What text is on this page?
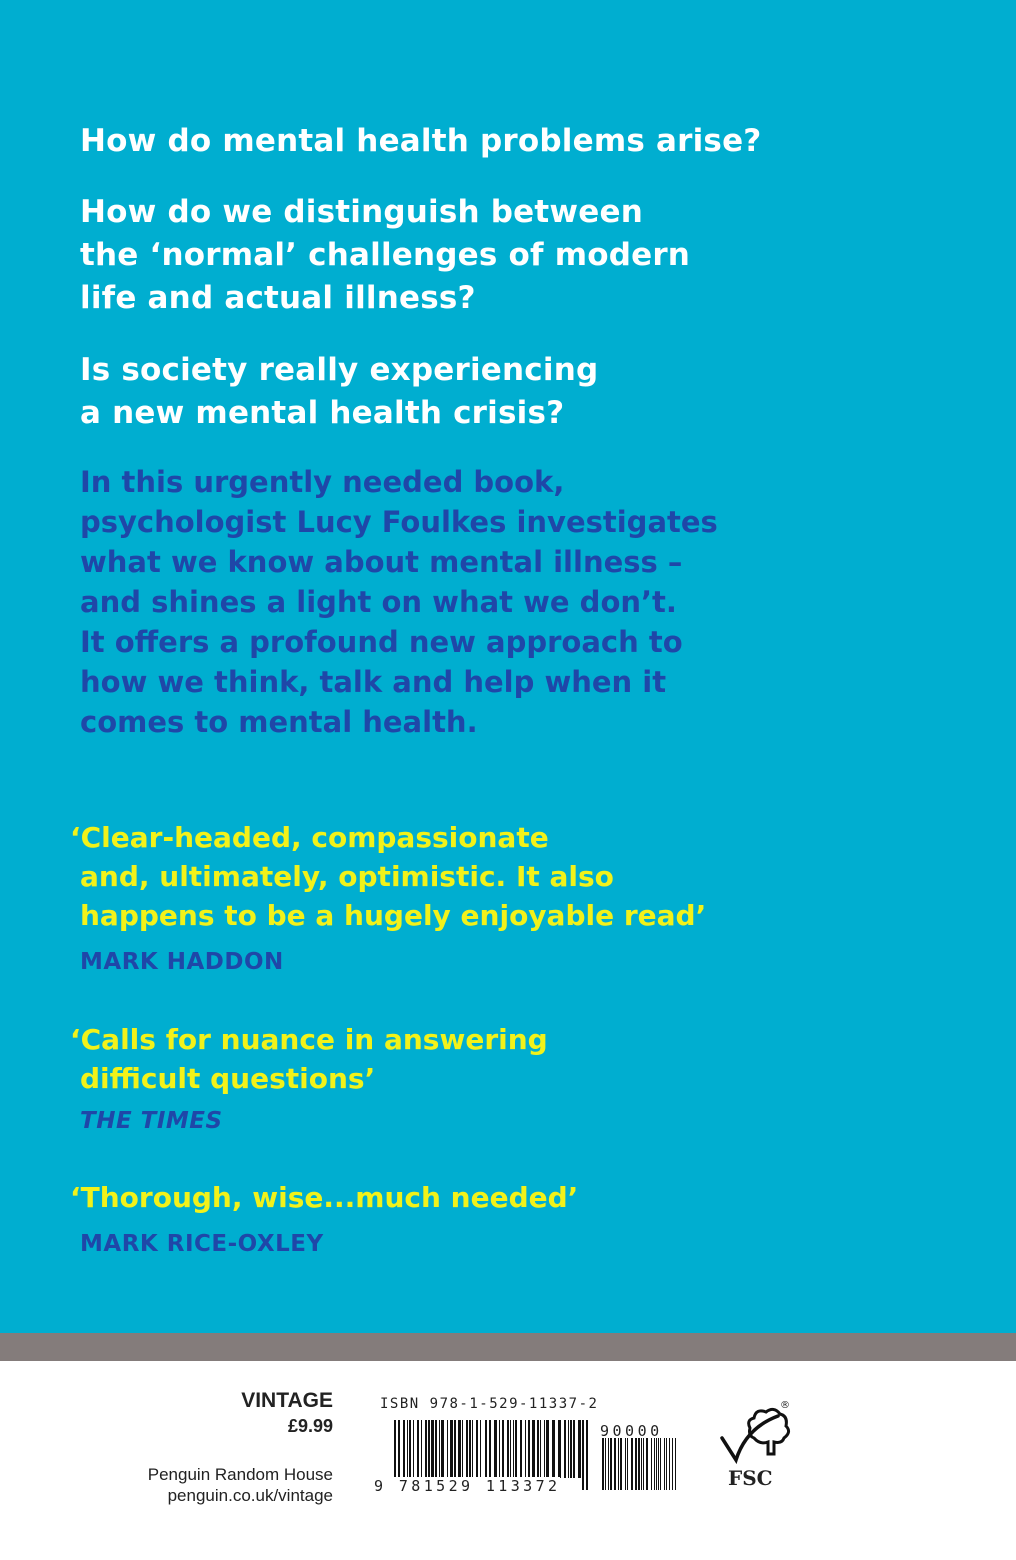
How do mental health problems arise?
How do we distinguish between
the ‘normal’ challenges of modern
life and actual illness?
Is society really experiencing
a new mental health crisis?
In this urgently needed book,
psychologist Lucy Foulkes investigates
what we know about mental illness –
and shines a light on what we don’t.
It offers a profound new approach to
how we think, talk and help when it
comes to mental health.
‘Clear-headed, compassionate
and, ultimately, optimistic. It also
happens to be a hugely enjoyable read’
MARK HADDON
‘Calls for nuance in answering
difficult questions’
THE TIMES
‘Thorough, wise...much needed’
MARK RICE-OXLEY
VINTAGE
£9.99
Penguin Random House
penguin.co.uk/vintage
ISBN 978-1-529-11337-2
9 781529 113372
90000
FSC
®
